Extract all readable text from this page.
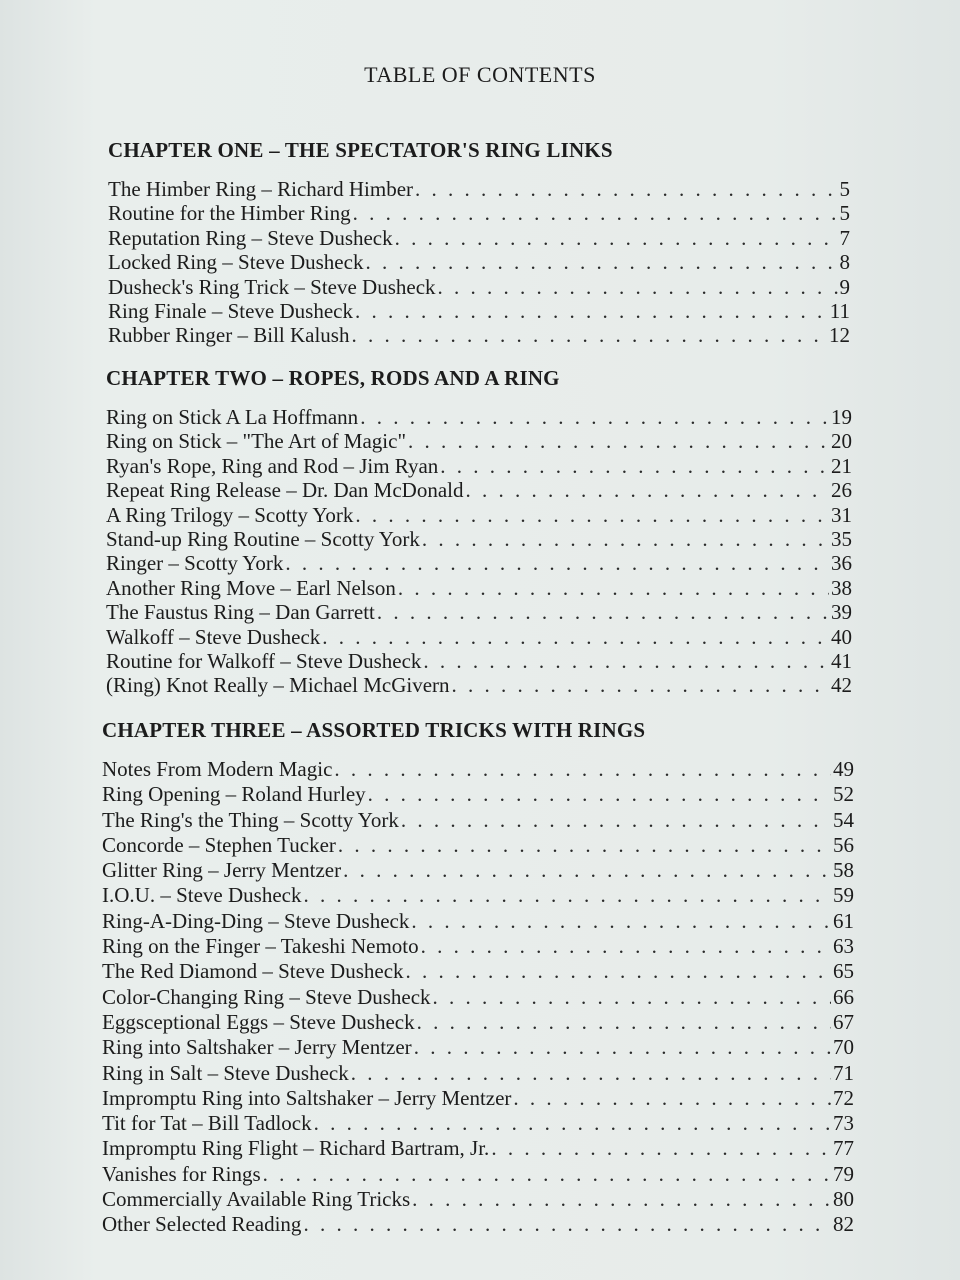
TABLE OF CONTENTS
CHAPTER ONE – THE SPECTATOR'S RING LINKS
The Himber Ring – Richard Himber . . .	5
Routine for the Himber Ring . . .	5
Reputation Ring – Steve Dusheck . . .	7
Locked Ring – Steve Dusheck . . .	8
Dusheck's Ring Trick – Steve Dusheck . . .	9
Ring Finale – Steve Dusheck . . .	11
Rubber Ringer – Bill Kalush . . .	12
CHAPTER TWO – ROPES, RODS AND A RING
Ring on Stick A La Hoffmann . . .	19
Ring on Stick – "The Art of Magic" . . .	20
Ryan's Rope, Ring and Rod – Jim Ryan . . .	21
Repeat Ring Release – Dr. Dan McDonald . . .	26
A Ring Trilogy – Scotty York . . .	31
Stand-up Ring Routine – Scotty York . . .	35
Ringer – Scotty York . . .	36
Another Ring Move – Earl Nelson . . .	38
The Faustus Ring – Dan Garrett . . .	39
Walkoff – Steve Dusheck . . .	40
Routine for Walkoff – Steve Dusheck . . .	41
(Ring) Knot Really – Michael McGivern . . .	42
CHAPTER THREE – ASSORTED TRICKS WITH RINGS
Notes From Modern Magic . . .	49
Ring Opening – Roland Hurley . . .	52
The Ring's the Thing – Scotty York . . .	54
Concorde – Stephen Tucker . . .	56
Glitter Ring – Jerry Mentzer . . .	58
I.O.U. – Steve Dusheck . . .	59
Ring-A-Ding-Ding – Steve Dusheck . . .	61
Ring on the Finger – Takeshi Nemoto . . .	63
The Red Diamond – Steve Dusheck . . .	65
Color-Changing Ring – Steve Dusheck . . .	66
Eggsceptional Eggs – Steve Dusheck . . .	67
Ring into Saltshaker – Jerry Mentzer . . .	70
Ring in Salt – Steve Dusheck . . .	71
Impromptu Ring into Saltshaker – Jerry Mentzer . . .	72
Tit for Tat – Bill Tadlock . . .	73
Impromptu Ring Flight – Richard Bartram, Jr. . . .	77
Vanishes for Rings . . .	79
Commercially Available Ring Tricks . . .	80
Other Selected Reading . . .	82
